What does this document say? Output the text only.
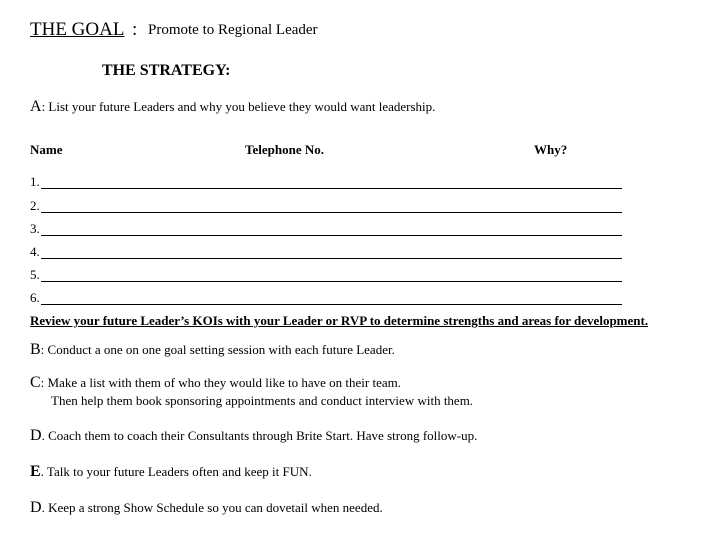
THE GOAL : Promote to Regional Leader
THE STRATEGY:
A: List your future Leaders and why you believe they would want leadership.
Name	Telephone No.	Why?
1.
2.
3.
4.
5.
6.
Review your future Leader’s KOIs with your Leader or RVP to determine strengths and areas for development.
B: Conduct a one on one goal setting session with each future Leader.
C: Make a list with them of who they would like to have on their team.
Then help them book sponsoring appointments and conduct interview with them.
D. Coach them to coach their Consultants through Brite Start. Have strong follow-up.
E. Talk to your future Leaders often and keep it FUN.
D. Keep a strong Show Schedule so you can dovetail when needed.
